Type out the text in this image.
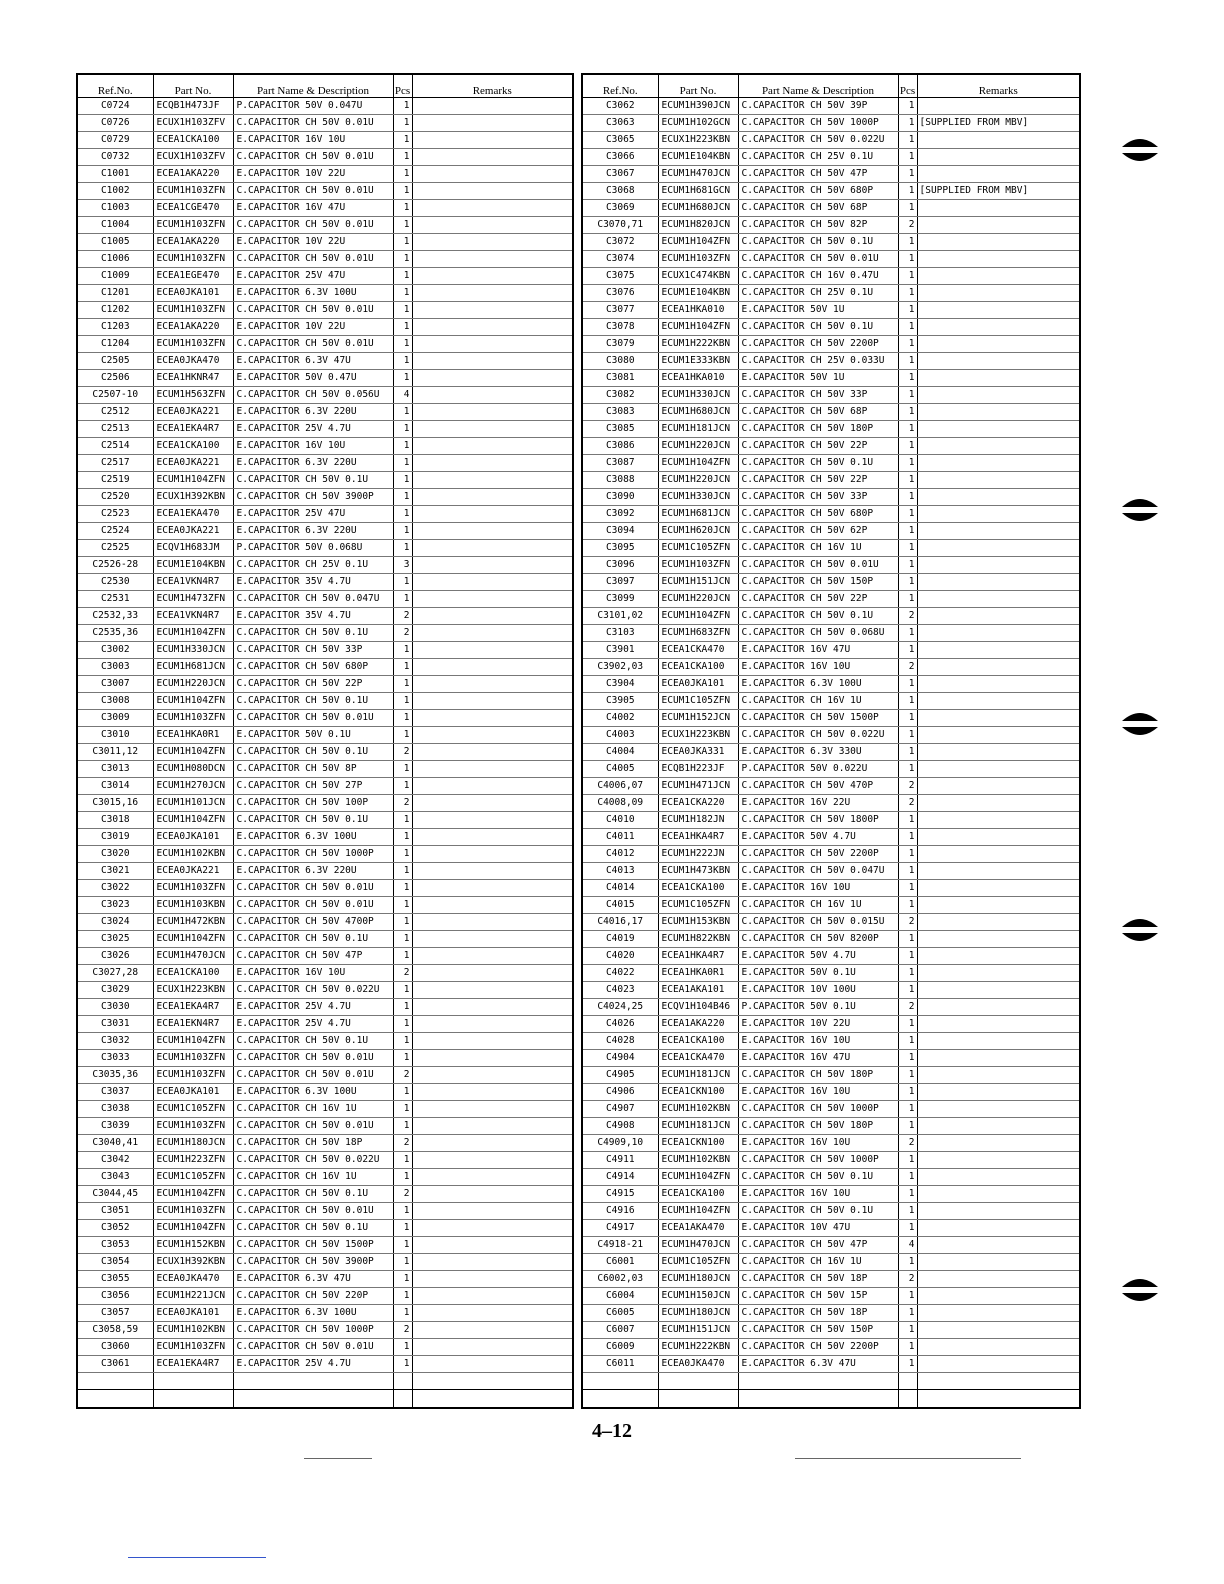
Ref.No.	Part No.	Part Name & Description	Pcs	Remarks
C0724	ECQB1H473JF	P.CAPACITOR 50V 0.047U	1	
C0726	ECUX1H103ZFV	C.CAPACITOR CH 50V 0.01U	1	
C0729	ECEA1CKA100	E.CAPACITOR 16V 10U	1	
C0732	ECUX1H103ZFV	C.CAPACITOR CH 50V 0.01U	1	
C1001	ECEA1AKA220	E.CAPACITOR 10V 22U	1	
C1002	ECUM1H103ZFN	C.CAPACITOR CH 50V 0.01U	1	
C1003	ECEA1CGE470	E.CAPACITOR 16V 47U	1	
C1004	ECUM1H103ZFN	C.CAPACITOR CH 50V 0.01U	1	
C1005	ECEA1AKA220	E.CAPACITOR 10V 22U	1	
C1006	ECUM1H103ZFN	C.CAPACITOR CH 50V 0.01U	1	
C1009	ECEA1EGE470	E.CAPACITOR 25V 47U	1	
C1201	ECEA0JKA101	E.CAPACITOR 6.3V 100U	1	
C1202	ECUM1H103ZFN	C.CAPACITOR CH 50V 0.01U	1	
C1203	ECEA1AKA220	E.CAPACITOR 10V 22U	1	
C1204	ECUM1H103ZFN	C.CAPACITOR CH 50V 0.01U	1	
C2505	ECEA0JKA470	E.CAPACITOR 6.3V 47U	1	
C2506	ECEA1HKNR47	E.CAPACITOR 50V 0.47U	1	
C2507-10	ECUM1H563ZFN	C.CAPACITOR CH 50V 0.056U	4	
C2512	ECEA0JKA221	E.CAPACITOR 6.3V 220U	1	
C2513	ECEA1EKA4R7	E.CAPACITOR 25V 4.7U	1	
C2514	ECEA1CKA100	E.CAPACITOR 16V 10U	1	
C2517	ECEA0JKA221	E.CAPACITOR 6.3V 220U	1	
C2519	ECUM1H104ZFN	C.CAPACITOR CH 50V 0.1U	1	
C2520	ECUX1H392KBN	C.CAPACITOR CH 50V 3900P	1	
C2523	ECEA1EKA470	E.CAPACITOR 25V 47U	1	
C2524	ECEA0JKA221	E.CAPACITOR 6.3V 220U	1	
C2525	ECQV1H683JM	P.CAPACITOR 50V 0.068U	1	
C2526-28	ECUM1E104KBN	C.CAPACITOR CH 25V 0.1U	3	
C2530	ECEA1VKN4R7	E.CAPACITOR 35V 4.7U	1	
C2531	ECUM1H473ZFN	C.CAPACITOR CH 50V 0.047U	1	
C2532,33	ECEA1VKN4R7	E.CAPACITOR 35V 4.7U	2	
C2535,36	ECUM1H104ZFN	C.CAPACITOR CH 50V 0.1U	2	
C3002	ECUM1H330JCN	C.CAPACITOR CH 50V 33P	1	
C3003	ECUM1H681JCN	C.CAPACITOR CH 50V 680P	1	
C3007	ECUM1H220JCN	C.CAPACITOR CH 50V 22P	1	
C3008	ECUM1H104ZFN	C.CAPACITOR CH 50V 0.1U	1	
C3009	ECUM1H103ZFN	C.CAPACITOR CH 50V 0.01U	1	
C3010	ECEA1HKA0R1	E.CAPACITOR 50V 0.1U	1	
C3011,12	ECUM1H104ZFN	C.CAPACITOR CH 50V 0.1U	2	
C3013	ECUM1H080DCN	C.CAPACITOR CH 50V 8P	1	
C3014	ECUM1H270JCN	C.CAPACITOR CH 50V 27P	1	
C3015,16	ECUM1H101JCN	C.CAPACITOR CH 50V 100P	2	
C3018	ECUM1H104ZFN	C.CAPACITOR CH 50V 0.1U	1	
C3019	ECEA0JKA101	E.CAPACITOR 6.3V 100U	1	
C3020	ECUM1H102KBN	C.CAPACITOR CH 50V 1000P	1	
C3021	ECEA0JKA221	E.CAPACITOR 6.3V 220U	1	
C3022	ECUM1H103ZFN	C.CAPACITOR CH 50V 0.01U	1	
C3023	ECUM1H103KBN	C.CAPACITOR CH 50V 0.01U	1	
C3024	ECUM1H472KBN	C.CAPACITOR CH 50V 4700P	1	
C3025	ECUM1H104ZFN	C.CAPACITOR CH 50V 0.1U	1	
C3026	ECUM1H470JCN	C.CAPACITOR CH 50V 47P	1	
C3027,28	ECEA1CKA100	E.CAPACITOR 16V 10U	2	
C3029	ECUX1H223KBN	C.CAPACITOR CH 50V 0.022U	1	
C3030	ECEA1EKA4R7	E.CAPACITOR 25V 4.7U	1	
C3031	ECEA1EKN4R7	E.CAPACITOR 25V 4.7U	1	
C3032	ECUM1H104ZFN	C.CAPACITOR CH 50V 0.1U	1	
C3033	ECUM1H103ZFN	C.CAPACITOR CH 50V 0.01U	1	
C3035,36	ECUM1H103ZFN	C.CAPACITOR CH 50V 0.01U	2	
C3037	ECEA0JKA101	E.CAPACITOR 6.3V 100U	1	
C3038	ECUM1C105ZFN	C.CAPACITOR CH 16V 1U	1	
C3039	ECUM1H103ZFN	C.CAPACITOR CH 50V 0.01U	1	
C3040,41	ECUM1H180JCN	C.CAPACITOR CH 50V 18P	2	
C3042	ECUM1H223ZFN	C.CAPACITOR CH 50V 0.022U	1	
C3043	ECUM1C105ZFN	C.CAPACITOR CH 16V 1U	1	
C3044,45	ECUM1H104ZFN	C.CAPACITOR CH 50V 0.1U	2	
C3051	ECUM1H103ZFN	C.CAPACITOR CH 50V 0.01U	1	
C3052	ECUM1H104ZFN	C.CAPACITOR CH 50V 0.1U	1	
C3053	ECUM1H152KBN	C.CAPACITOR CH 50V 1500P	1	
C3054	ECUX1H392KBN	C.CAPACITOR CH 50V 3900P	1	
C3055	ECEA0JKA470	E.CAPACITOR 6.3V 47U	1	
C3056	ECUM1H221JCN	C.CAPACITOR CH 50V 220P	1	
C3057	ECEA0JKA101	E.CAPACITOR 6.3V 100U	1	
C3058,59	ECUM1H102KBN	C.CAPACITOR CH 50V 1000P	2	
C3060	ECUM1H103ZFN	C.CAPACITOR CH 50V 0.01U	1	
C3061	ECEA1EKA4R7	E.CAPACITOR 25V 4.7U	1	

Ref.No.	Part No.	Part Name & Description	Pcs	Remarks
C3062	ECUM1H390JCN	C.CAPACITOR CH 50V 39P	1	
C3063	ECUM1H102GCN	C.CAPACITOR CH 50V 1000P	1	[SUPPLIED FROM MBV]
C3065	ECUX1H223KBN	C.CAPACITOR CH 50V 0.022U	1	
C3066	ECUM1E104KBN	C.CAPACITOR CH 25V 0.1U	1	
C3067	ECUM1H470JCN	C.CAPACITOR CH 50V 47P	1	
C3068	ECUM1H681GCN	C.CAPACITOR CH 50V 680P	1	[SUPPLIED FROM MBV]
C3069	ECUM1H680JCN	C.CAPACITOR CH 50V 68P	1	
C3070,71	ECUM1H820JCN	C.CAPACITOR CH 50V 82P	2	
C3072	ECUM1H104ZFN	C.CAPACITOR CH 50V 0.1U	1	
C3074	ECUM1H103ZFN	C.CAPACITOR CH 50V 0.01U	1	
C3075	ECUX1C474KBN	C.CAPACITOR CH 16V 0.47U	1	
C3076	ECUM1E104KBN	C.CAPACITOR CH 25V 0.1U	1	
C3077	ECEA1HKA010	E.CAPACITOR 50V 1U	1	
C3078	ECUM1H104ZFN	C.CAPACITOR CH 50V 0.1U	1	
C3079	ECUM1H222KBN	C.CAPACITOR CH 50V 2200P	1	
C3080	ECUM1E333KBN	C.CAPACITOR CH 25V 0.033U	1	
C3081	ECEA1HKA010	E.CAPACITOR 50V 1U	1	
C3082	ECUM1H330JCN	C.CAPACITOR CH 50V 33P	1	
C3083	ECUM1H680JCN	C.CAPACITOR CH 50V 68P	1	
C3085	ECUM1H181JCN	C.CAPACITOR CH 50V 180P	1	
C3086	ECUM1H220JCN	C.CAPACITOR CH 50V 22P	1	
C3087	ECUM1H104ZFN	C.CAPACITOR CH 50V 0.1U	1	
C3088	ECUM1H220JCN	C.CAPACITOR CH 50V 22P	1	
C3090	ECUM1H330JCN	C.CAPACITOR CH 50V 33P	1	
C3092	ECUM1H681JCN	C.CAPACITOR CH 50V 680P	1	
C3094	ECUM1H620JCN	C.CAPACITOR CH 50V 62P	1	
C3095	ECUM1C105ZFN	C.CAPACITOR CH 16V 1U	1	
C3096	ECUM1H103ZFN	C.CAPACITOR CH 50V 0.01U	1	
C3097	ECUM1H151JCN	C.CAPACITOR CH 50V 150P	1	
C3099	ECUM1H220JCN	C.CAPACITOR CH 50V 22P	1	
C3101,02	ECUM1H104ZFN	C.CAPACITOR CH 50V 0.1U	2	
C3103	ECUM1H683ZFN	C.CAPACITOR CH 50V 0.068U	1	
C3901	ECEA1CKA470	E.CAPACITOR 16V 47U	1	
C3902,03	ECEA1CKA100	E.CAPACITOR 16V 10U	2	
C3904	ECEA0JKA101	E.CAPACITOR 6.3V 100U	1	
C3905	ECUM1C105ZFN	C.CAPACITOR CH 16V 1U	1	
C4002	ECUM1H152JCN	C.CAPACITOR CH 50V 1500P	1	
C4003	ECUX1H223KBN	C.CAPACITOR CH 50V 0.022U	1	
C4004	ECEA0JKA331	E.CAPACITOR 6.3V 330U	1	
C4005	ECQB1H223JF	P.CAPACITOR 50V 0.022U	1	
C4006,07	ECUM1H471JCN	C.CAPACITOR CH 50V 470P	2	
C4008,09	ECEA1CKA220	E.CAPACITOR 16V 22U	2	
C4010	ECUM1H182JN	C.CAPACITOR CH 50V 1800P	1	
C4011	ECEA1HKA4R7	E.CAPACITOR 50V 4.7U	1	
C4012	ECUM1H222JN	C.CAPACITOR CH 50V 2200P	1	
C4013	ECUM1H473KBN	C.CAPACITOR CH 50V 0.047U	1	
C4014	ECEA1CKA100	E.CAPACITOR 16V 10U	1	
C4015	ECUM1C105ZFN	C.CAPACITOR CH 16V 1U	1	
C4016,17	ECUM1H153KBN	C.CAPACITOR CH 50V 0.015U	2	
C4019	ECUM1H822KBN	C.CAPACITOR CH 50V 8200P	1	
C4020	ECEA1HKA4R7	E.CAPACITOR 50V 4.7U	1	
C4022	ECEA1HKA0R1	E.CAPACITOR 50V 0.1U	1	
C4023	ECEA1AKA101	E.CAPACITOR 10V 100U	1	
C4024,25	ECQV1H104B46	P.CAPACITOR 50V 0.1U	2	
C4026	ECEA1AKA220	E.CAPACITOR 10V 22U	1	
C4028	ECEA1CKA100	E.CAPACITOR 16V 10U	1	
C4904	ECEA1CKA470	E.CAPACITOR 16V 47U	1	
C4905	ECUM1H181JCN	C.CAPACITOR CH 50V 180P	1	
C4906	ECEA1CKN100	E.CAPACITOR 16V 10U	1	
C4907	ECUM1H102KBN	C.CAPACITOR CH 50V 1000P	1	
C4908	ECUM1H181JCN	C.CAPACITOR CH 50V 180P	1	
C4909,10	ECEA1CKN100	E.CAPACITOR 16V 10U	2	
C4911	ECUM1H102KBN	C.CAPACITOR CH 50V 1000P	1	
C4914	ECUM1H104ZFN	C.CAPACITOR CH 50V 0.1U	1	
C4915	ECEA1CKA100	E.CAPACITOR 16V 10U	1	
C4916	ECUM1H104ZFN	C.CAPACITOR CH 50V 0.1U	1	
C4917	ECEA1AKA470	E.CAPACITOR 10V 47U	1	
C4918-21	ECUM1H470JCN	C.CAPACITOR CH 50V 47P	4	
C6001	ECUM1C105ZFN	C.CAPACITOR CH 16V 1U	1	
C6002,03	ECUM1H180JCN	C.CAPACITOR CH 50V 18P	2	
C6004	ECUM1H150JCN	C.CAPACITOR CH 50V 15P	1	
C6005	ECUM1H180JCN	C.CAPACITOR CH 50V 18P	1	
C6007	ECUM1H151JCN	C.CAPACITOR CH 50V 150P	1	
C6009	ECUM1H222KBN	C.CAPACITOR CH 50V 2200P	1	
C6011	ECEA0JKA470	E.CAPACITOR 6.3V 47U	1	

4–12
